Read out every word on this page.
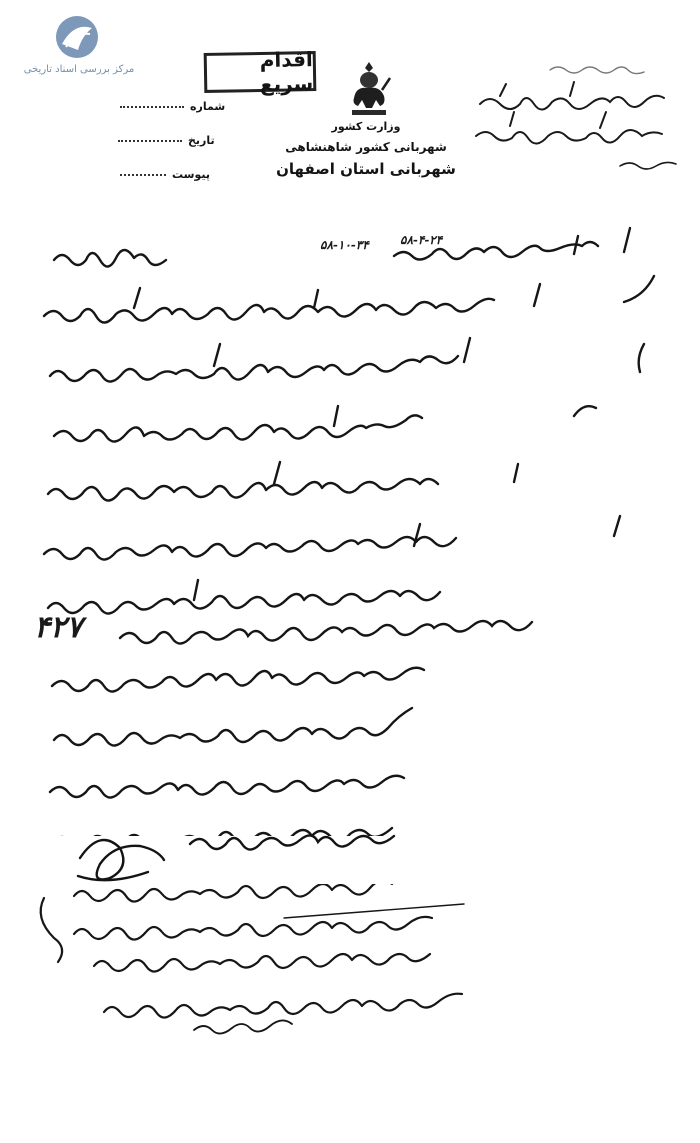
مرکز بررسی اسناد تاریخی	اقدام سریع
وزارت کشور
شهربانی کشور شاهنشاهی
شهربانی استان اصفهان
شماره
تاریخ
پیوست
۵۸-۴-۲۴
۵۸-۱۰-۳۴
۴۲۷
